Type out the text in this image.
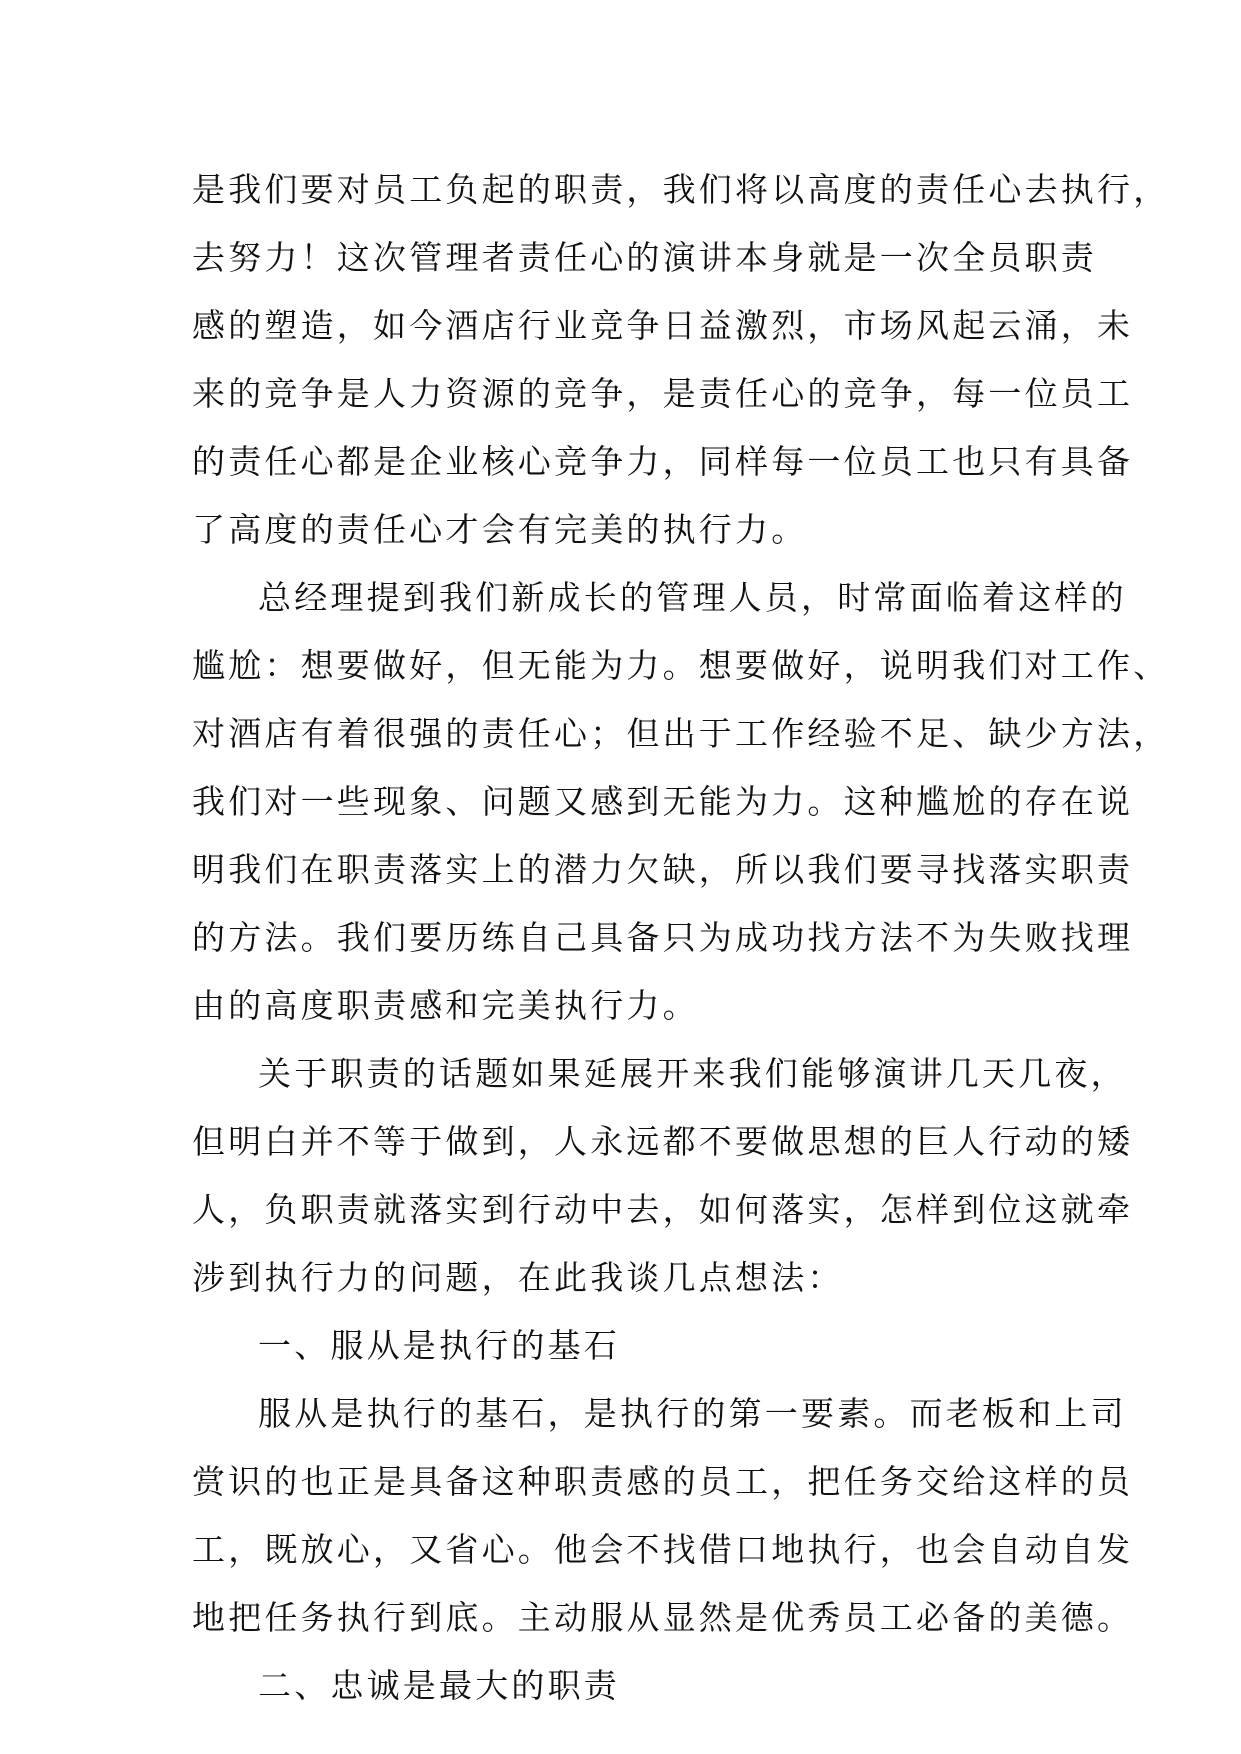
是我们要对员工负起的职责，我们将以高度的责任心去执行，
去努力！这次管理者责任心的演讲本身就是一次全员职责
感的塑造，如今酒店行业竞争日益激烈，市场风起云涌，未
来的竞争是人力资源的竞争，是责任心的竞争，每一位员工
的责任心都是企业核心竞争力，同样每一位员工也只有具备
了高度的责任心才会有完美的执行力。
总经理提到我们新成长的管理人员，时常面临着这样的
尴尬：想要做好，但无能为力。想要做好，说明我们对工作、
对酒店有着很强的责任心；但出于工作经验不足、缺少方法，
我们对一些现象、问题又感到无能为力。这种尴尬的存在说
明我们在职责落实上的潜力欠缺，所以我们要寻找落实职责
的方法。我们要历练自己具备只为成功找方法不为失败找理
由的高度职责感和完美执行力。
关于职责的话题如果延展开来我们能够演讲几天几夜，
但明白并不等于做到，人永远都不要做思想的巨人行动的矮
人，负职责就落实到行动中去，如何落实，怎样到位这就牵
涉到执行力的问题，在此我谈几点想法：
一、服从是执行的基石
服从是执行的基石，是执行的第一要素。而老板和上司
赏识的也正是具备这种职责感的员工，把任务交给这样的员
工，既放心，又省心。他会不找借口地执行，也会自动自发
地把任务执行到底。主动服从显然是优秀员工必备的美德。
二、忠诚是最大的职责
